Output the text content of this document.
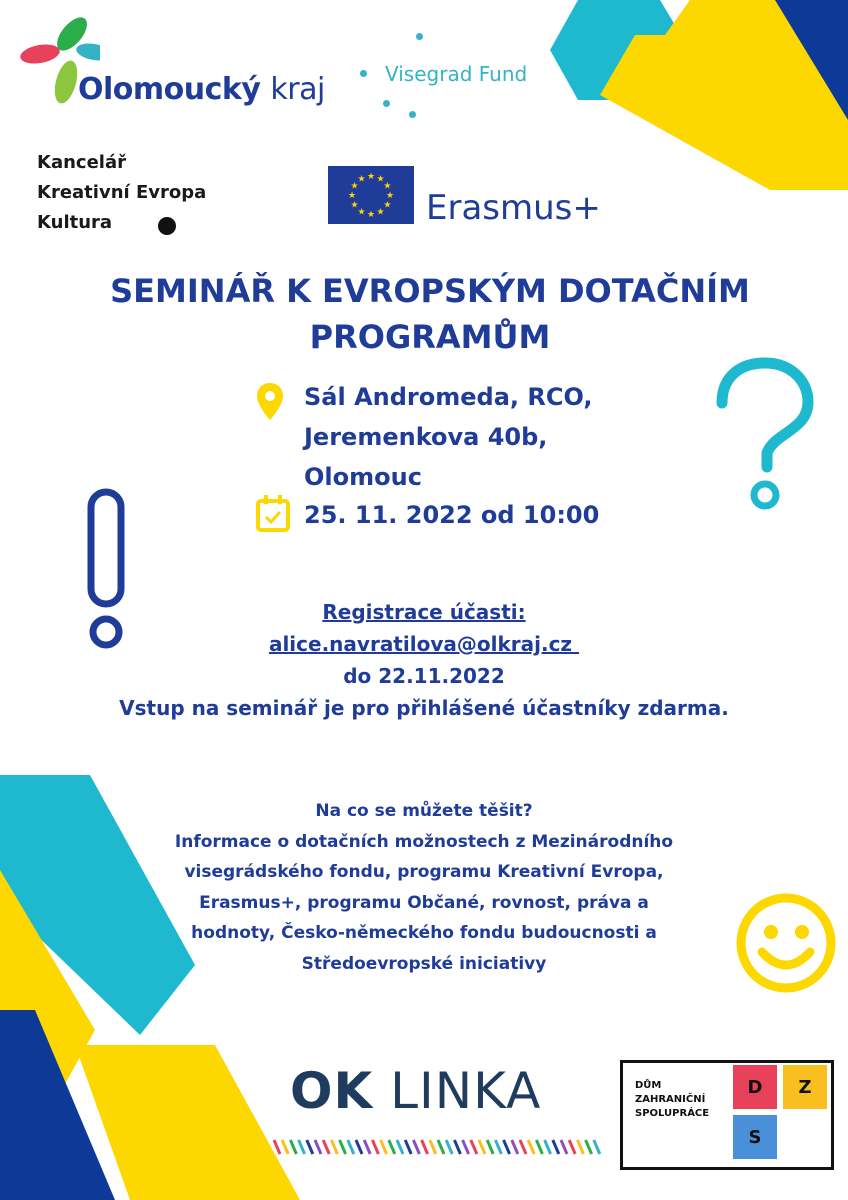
Olomoucký kraj	Visegrad Fund
Kancelář
Kreativní Evropa
Kultura
★
★
★
★
★
★
★
★
★ ★ ★
★
Erasmus+
SEMINÁŘ K EVROPSKÝM DOTAČNÍM
PROGRAMŮM
Sál Andromeda, RCO,
Jeremenkova 40b,
Olomouc
25. 11. 2022 od 10:00
Registrace účasti:
alice.navratilova@olkraj.cz
do 22.11.2022
Vstup na seminář je pro přihlášené účastníky zdarma.
Na co se můžete těšit?
Informace o dotačních možnostech z Mezinárodního
visegrádského fondu, programu Kreativní Evropa,
Erasmus+, programu Občané, rovnost, práva a
hodnoty, Česko-německého fondu budoucnosti a
Středoevropské iniciativy
OK LINKA	DŮM
ZAHRANIČNÍ
SPOLUPRÁCE
D	Z
S
